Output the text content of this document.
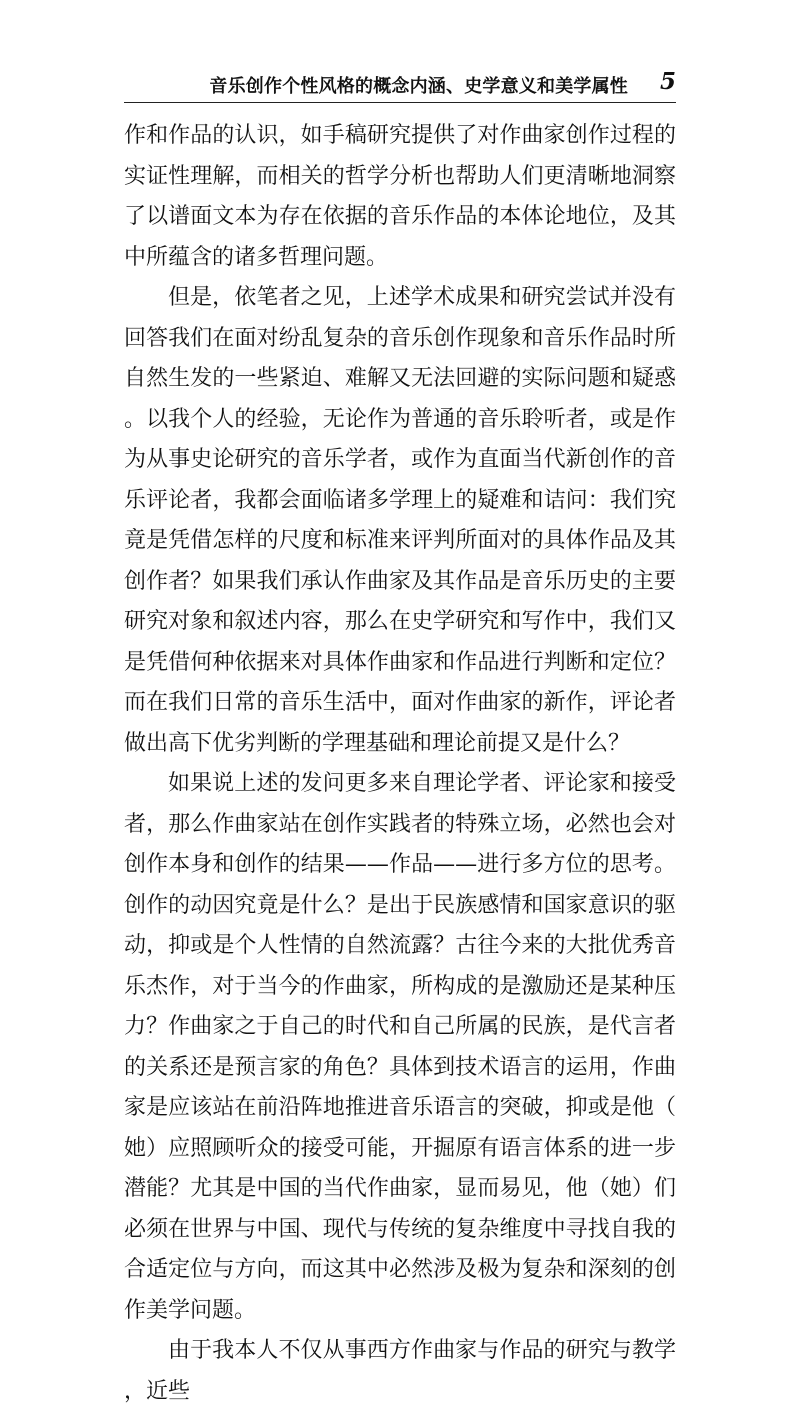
音乐创作个性风格的概念内涵、史学意义和美学属性 5

作和作品的认识，如手稿研究提供了对作曲家创作过程的实证性理解，而相关的哲学分析也帮助人们更清晰地洞察了以谱面文本为存在依据的音乐作品的本体论地位，及其中所蕴含的诸多哲理问题。

但是，依笔者之见，上述学术成果和研究尝试并没有回答我们在面对纷乱复杂的音乐创作现象和音乐作品时所自然生发的一些紧迫、难解又无法回避的实际问题和疑惑。以我个人的经验，无论作为普通的音乐聆听者，或是作为从事史论研究的音乐学者，或作为直面当代新创作的音乐评论者，我都会面临诸多学理上的疑难和诘问：我们究竟是凭借怎样的尺度和标准来评判所面对的具体作品及其创作者？如果我们承认作曲家及其作品是音乐历史的主要研究对象和叙述内容，那么在史学研究和写作中，我们又是凭借何种依据来对具体作曲家和作品进行判断和定位？而在我们日常的音乐生活中，面对作曲家的新作，评论者做出高下优劣判断的学理基础和理论前提又是什么？

如果说上述的发问更多来自理论学者、评论家和接受者，那么作曲家站在创作实践者的特殊立场，必然也会对创作本身和创作的结果——作品——进行多方位的思考。创作的动因究竟是什么？是出于民族感情和国家意识的驱动，抑或是个人性情的自然流露？古往今来的大批优秀音乐杰作，对于当今的作曲家，所构成的是激励还是某种压力？作曲家之于自己的时代和自己所属的民族，是代言者的关系还是预言家的角色？具体到技术语言的运用，作曲家是应该站在前沿阵地推进音乐语言的突破，抑或是他（她）应照顾听众的接受可能，开掘原有语言体系的进一步潜能？尤其是中国的当代作曲家，显而易见，他（她）们必须在世界与中国、现代与传统的复杂维度中寻找自我的合适定位与方向，而这其中必然涉及极为复杂和深刻的创作美学问题。

由于我本人不仅从事西方作曲家与作品的研究与教学，近些
